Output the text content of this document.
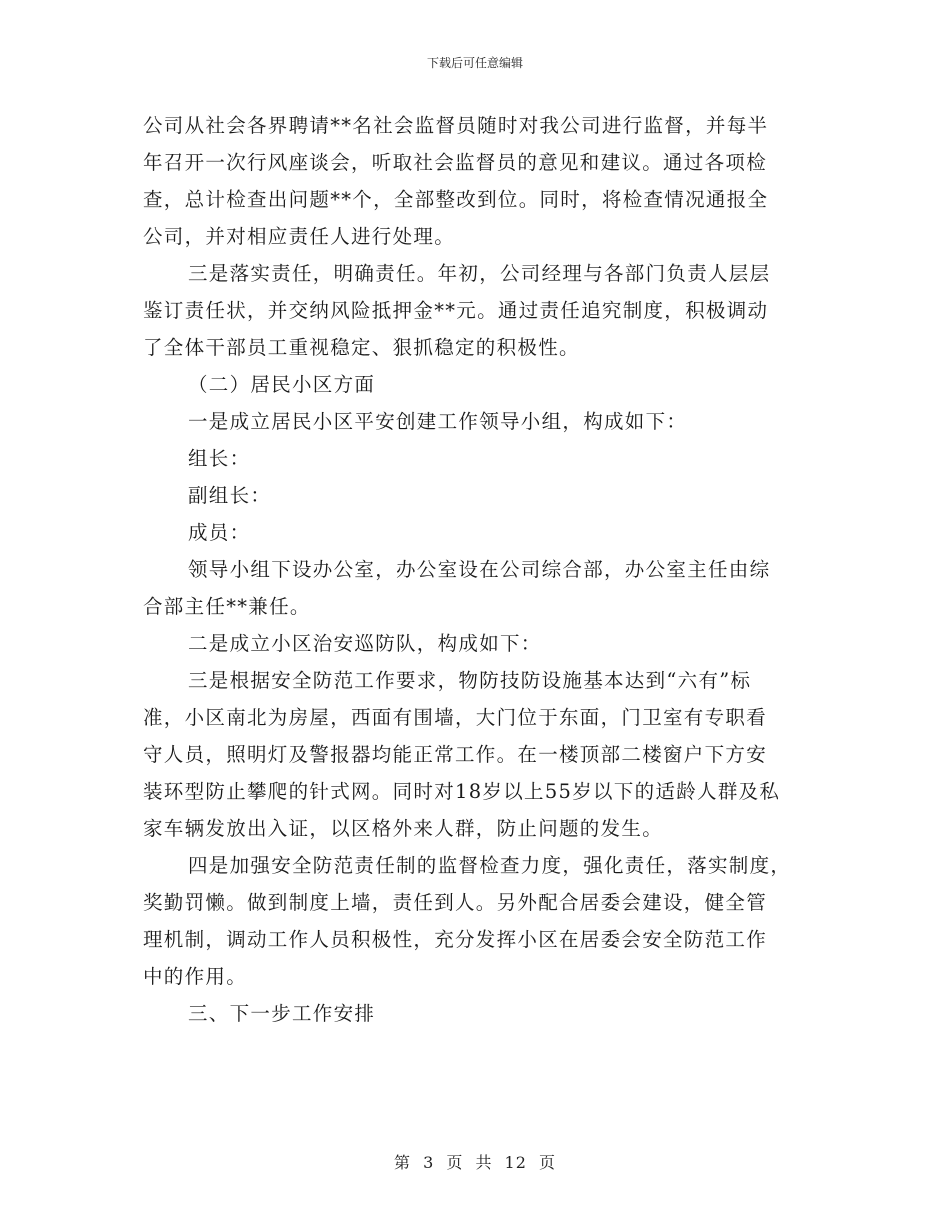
下载后可任意编辑

公司从社会各界聘请**名社会监督员随时对我公司进行监督，并每半

年召开一次行风座谈会，听取社会监督员的意见和建议。通过各项检

查，总计检查出问题**个，全部整改到位。同时，将检查情况通报全

公司，并对相应责任人进行处理。

三是落实责任，明确责任。年初，公司经理与各部门负责人层层

鉴订责任状，并交纳风险抵押金**元。通过责任追究制度，积极调动

了全体干部员工重视稳定、狠抓稳定的积极性。

（二）居民小区方面

一是成立居民小区平安创建工作领导小组，构成如下：

组长：

副组长：

成员：

领导小组下设办公室，办公室设在公司综合部，办公室主任由综

合部主任**兼任。

二是成立小区治安巡防队，构成如下：

三是根据安全防范工作要求，物防技防设施基本达到“六有”标

准，小区南北为房屋，西面有围墙，大门位于东面，门卫室有专职看

守人员，照明灯及警报器均能正常工作。在一楼顶部二楼窗户下方安

装环型防止攀爬的针式网。同时对18岁以上55岁以下的适龄人群及私

家车辆发放出入证，以区格外来人群，防止问题的发生。

四是加强安全防范责任制的监督检查力度，强化责任，落实制度，

奖勤罚懒。做到制度上墙，责任到人。另外配合居委会建设，健全管

理机制，调动工作人员积极性，充分发挥小区在居委会安全防范工作

中的作用。

三、下一步工作安排

第 3 页 共 12 页
